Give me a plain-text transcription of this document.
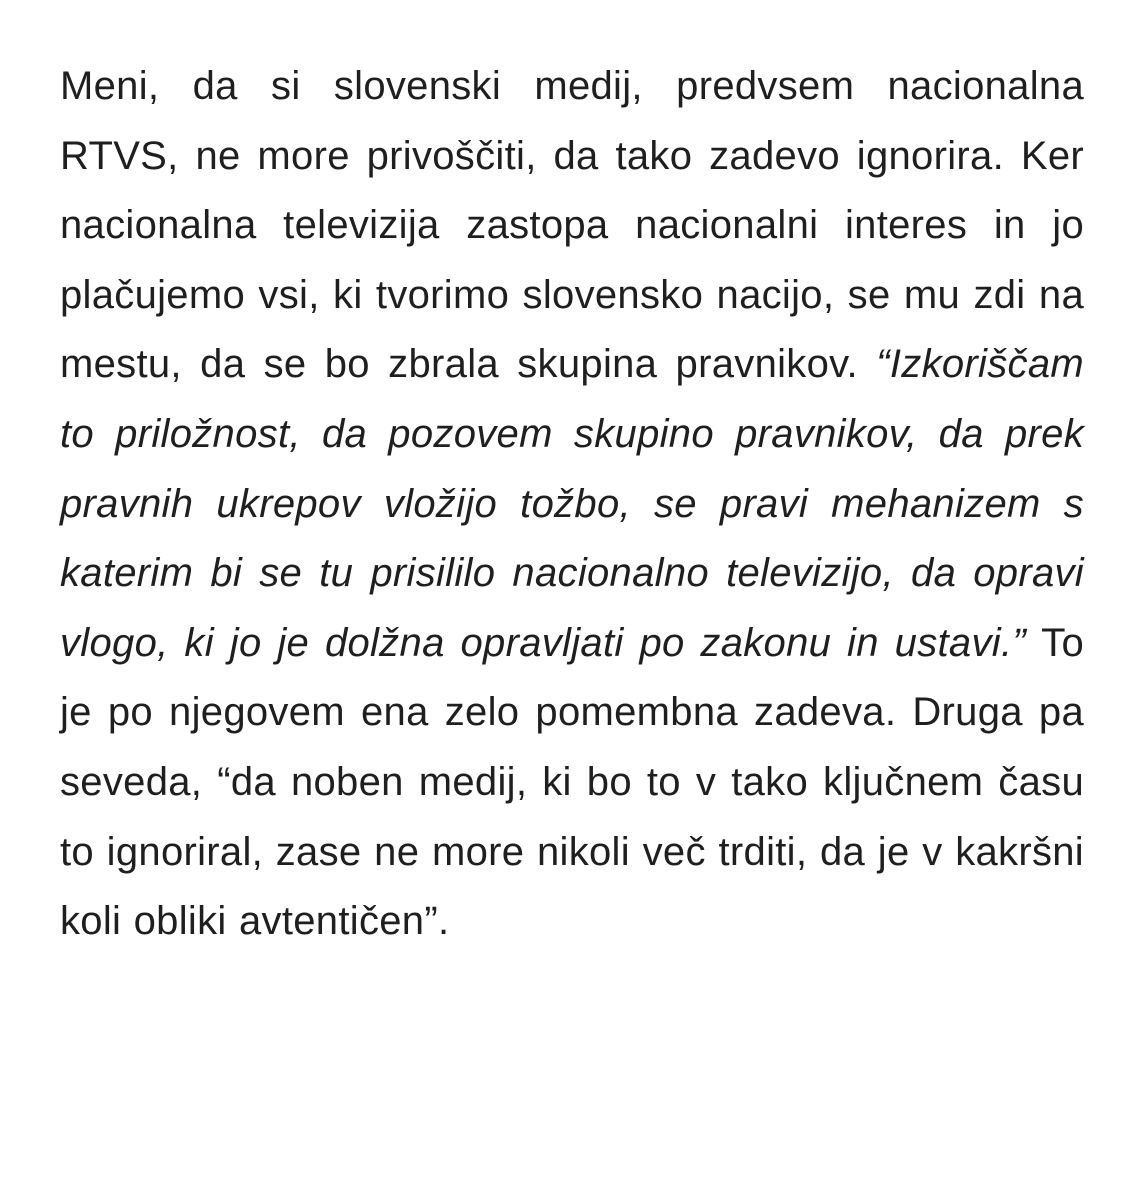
Meni, da si slovenski medij, predvsem nacionalna RTVS, ne more privoščiti, da tako zadevo ignorira. Ker nacionalna televizija zastopa nacionalni interes in jo plačujemo vsi, ki tvorimo slovensko nacijo, se mu zdi na mestu, da se bo zbrala skupina pravnikov. “Izkoriščam to priložnost, da pozovem skupino pravnikov, da prek pravnih ukrepov vložijo tožbo, se pravi mehanizem s katerim bi se tu prisililo nacionalno televizijo, da opravi vlogo, ki jo je dolžna opravljati po zakonu in ustavi.” To je po njegovem ena zelo pomembna zadeva. Druga pa seveda, “da noben medij, ki bo to v tako ključnem času to ignoriral, zase ne more nikoli več trditi, da je v kakršni koli obliki avtentičen”.
